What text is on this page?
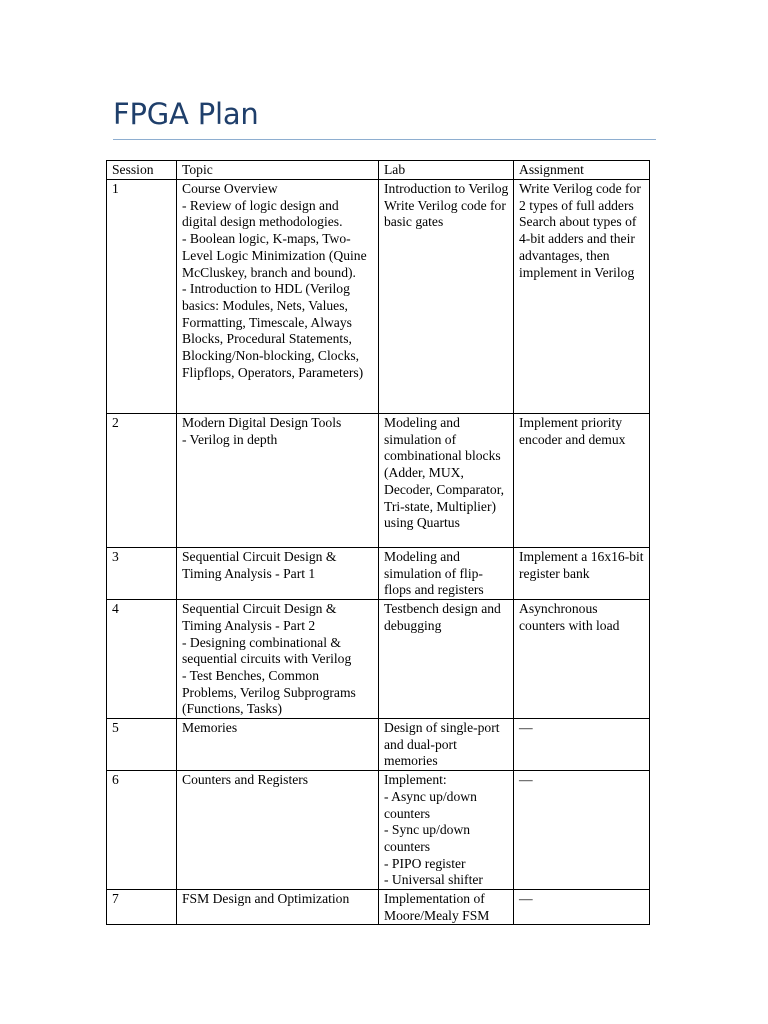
FPGA Plan
Session	Topic	Lab	Assignment
1	Course Overview
- Review of logic design and digital design methodologies.
- Boolean logic, K-maps, Two-Level Logic Minimization (Quine McCluskey, branch and bound).
- Introduction to HDL (Verilog basics: Modules, Nets, Values, Formatting, Timescale, Always Blocks, Procedural Statements, Blocking/Non-blocking, Clocks, Flipflops, Operators, Parameters)	Introduction to Verilog
Write Verilog code for basic gates	Write Verilog code for 2 types of full adders
Search about types of 4-bit adders and their advantages, then implement in Verilog
2	Modern Digital Design Tools
- Verilog in depth	Modeling and simulation of combinational blocks (Adder, MUX, Decoder, Comparator, Tri-state, Multiplier) using Quartus	Implement priority encoder and demux
3	Sequential Circuit Design & Timing Analysis - Part 1	Modeling and simulation of flip-flops and registers	Implement a 16x16-bit register bank
4	Sequential Circuit Design & Timing Analysis - Part 2
- Designing combinational & sequential circuits with Verilog
- Test Benches, Common Problems, Verilog Subprograms (Functions, Tasks)	Testbench design and debugging	Asynchronous counters with load
5	Memories	Design of single-port and dual-port memories	—
6	Counters and Registers	Implement:
- Async up/down counters
- Sync up/down counters
- PIPO register
- Universal shifter	—
7	FSM Design and Optimization	Implementation of Moore/Mealy FSM	—
